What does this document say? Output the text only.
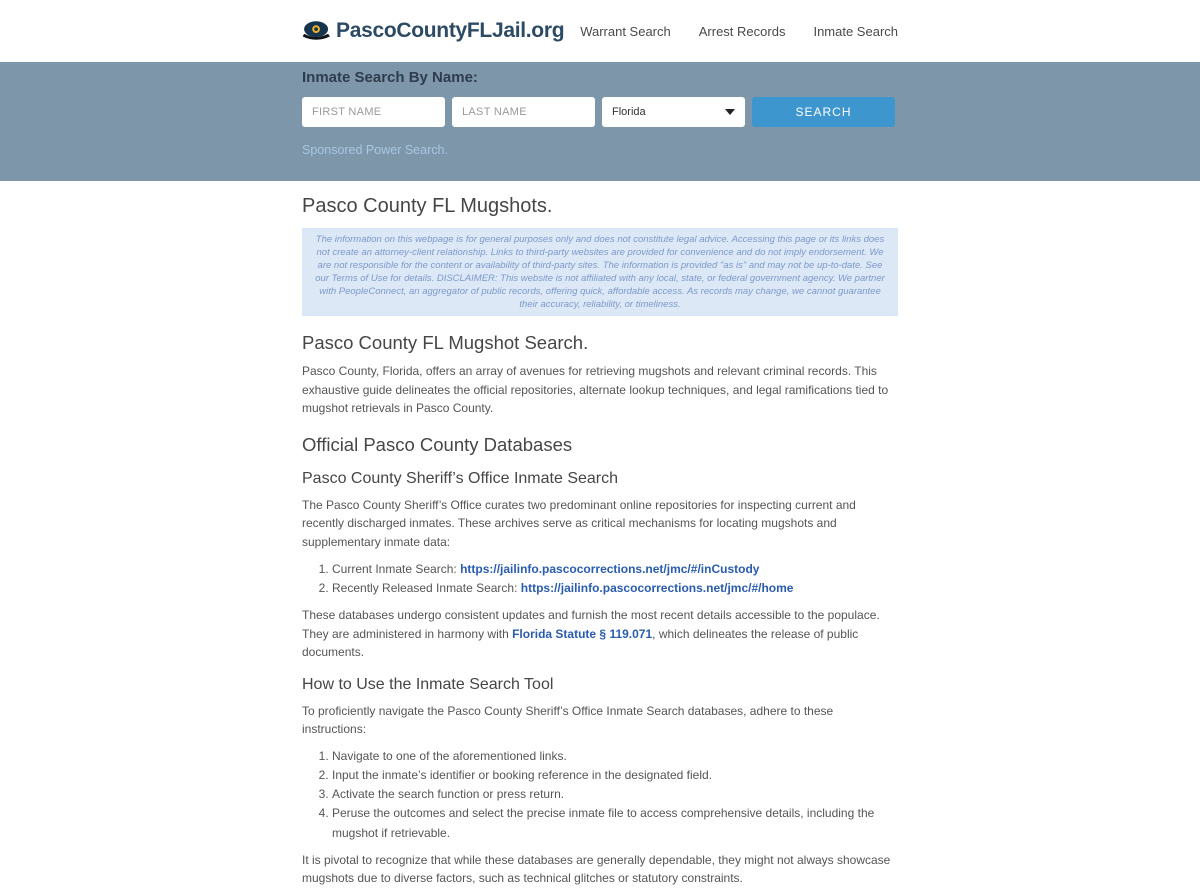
PascoCountyFLJail.org Warrant Search Arrest Records Inmate Search
Inmate Search By Name:
FIRST NAME
LAST NAME
Florida	SEARCH
Sponsored Power Search.
Pasco County FL Mugshots.
The information on this webpage is for general purposes only and does not constitute legal advice. Accessing this page or its links does not create an attorney-client relationship. Links to third-party websites are provided for convenience and do not imply endorsement. We are not responsible for the content or availability of third-party sites. The information is provided "as is" and may not be up-to-date. See our Terms of Use for details. DISCLAIMER: This website is not affiliated with any local, state, or federal government agency. We partner with PeopleConnect, an aggregator of public records, offering quick, affordable access. As records may change, we cannot guarantee their accuracy, reliability, or timeliness.
Pasco County FL Mugshot Search.

Pasco County, Florida, offers an array of avenues for retrieving mugshots and relevant criminal records. This exhaustive guide delineates the official repositories, alternate lookup techniques, and legal ramifications tied to mugshot retrievals in Pasco County.

Official Pasco County Databases
Pasco County Sheriff’s Office Inmate Search

The Pasco County Sheriff’s Office curates two predominant online repositories for inspecting current and recently discharged inmates. These archives serve as critical mechanisms for locating mugshots and supplementary inmate data:

1. Current Inmate Search: https://jailinfo.pascocorrections.net/jmc/#/inCustody
2. Recently Released Inmate Search: https://jailinfo.pascocorrections.net/jmc/#/home

These databases undergo consistent updates and furnish the most recent details accessible to the populace. They are administered in harmony with Florida Statute § 119.071, which delineates the release of public documents.

How to Use the Inmate Search Tool

To proficiently navigate the Pasco County Sheriff’s Office Inmate Search databases, adhere to these instructions:

1. Navigate to one of the aforementioned links.
2. Input the inmate’s identifier or booking reference in the designated field.
3. Activate the search function or press return.
4. Peruse the outcomes and select the precise inmate file to access comprehensive details, including the mugshot if retrievable.

It is pivotal to recognize that while these databases are generally dependable, they might not always showcase mugshots due to diverse factors, such as technical glitches or statutory constraints.
